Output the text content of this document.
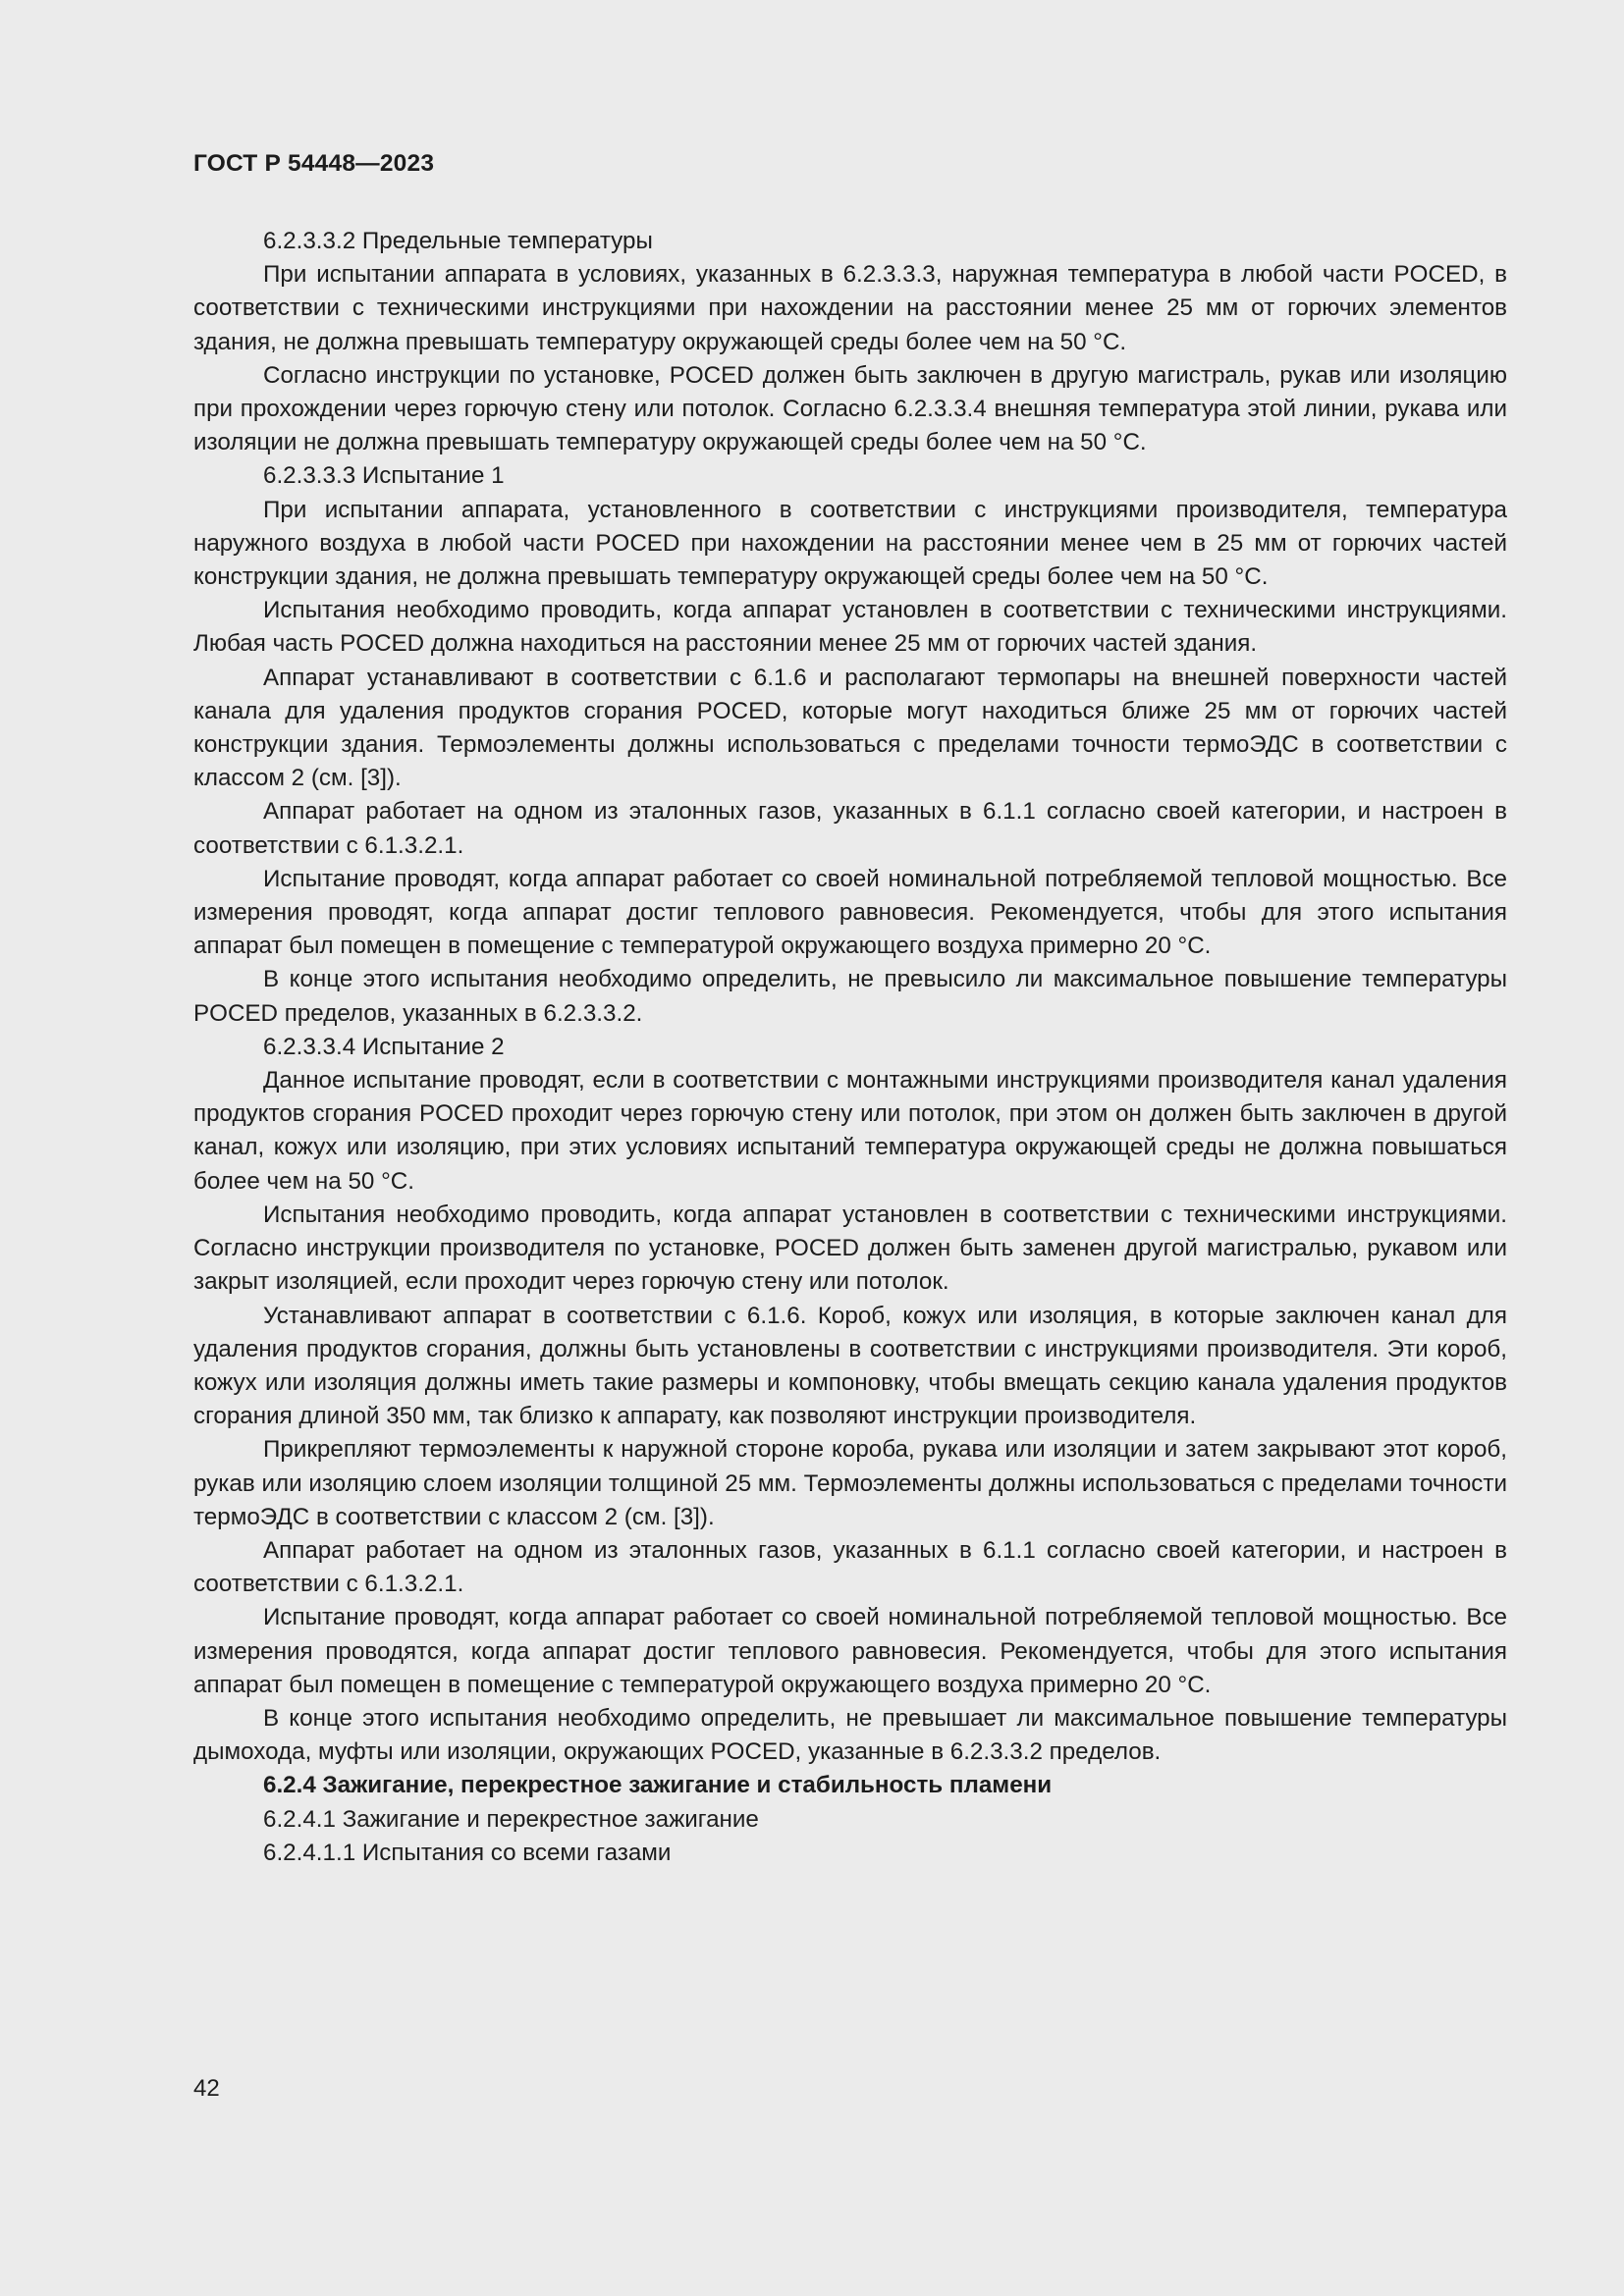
ГОСТ Р 54448—2023

6.2.3.3.2 Предельные температуры

При испытании аппарата в условиях, указанных в 6.2.3.3.3, наружная температура в любой части POCED, в соответствии с техническими инструкциями при нахождении на расстоянии менее 25 мм от горючих элементов здания, не должна превышать температуру окружающей среды более чем на 50 °С.

Согласно инструкции по установке, POCED должен быть заключен в другую магистраль, рукав или изоляцию при прохождении через горючую стену или потолок. Согласно 6.2.3.3.4 внешняя температура этой линии, рукава или изоляции не должна превышать температуру окружающей среды более чем на 50 °С.

6.2.3.3.3 Испытание 1

При испытании аппарата, установленного в соответствии с инструкциями производителя, температура наружного воздуха в любой части POCED при нахождении на расстоянии менее чем в 25 мм от горючих частей конструкции здания, не должна превышать температуру окружающей среды более чем на 50 °С.

Испытания необходимо проводить, когда аппарат установлен в соответствии с техническими инструкциями. Любая часть POCED должна находиться на расстоянии менее 25 мм от горючих частей здания.

Аппарат устанавливают в соответствии с 6.1.6 и располагают термопары на внешней поверхности частей канала для удаления продуктов сгорания POCED, которые могут находиться ближе 25 мм от горючих частей конструкции здания. Термоэлементы должны использоваться с пределами точности термоЭДС в соответствии с классом 2 (см. [3]).

Аппарат работает на одном из эталонных газов, указанных в 6.1.1 согласно своей категории, и настроен в соответствии с 6.1.3.2.1.

Испытание проводят, когда аппарат работает со своей номинальной потребляемой тепловой мощностью. Все измерения проводят, когда аппарат достиг теплового равновесия. Рекомендуется, чтобы для этого испытания аппарат был помещен в помещение с температурой окружающего воздуха примерно 20 °С.

В конце этого испытания необходимо определить, не превысило ли максимальное повышение температуры POCED пределов, указанных в 6.2.3.3.2.

6.2.3.3.4 Испытание 2

Данное испытание проводят, если в соответствии с монтажными инструкциями производителя канал удаления продуктов сгорания POCED проходит через горючую стену или потолок, при этом он должен быть заключен в другой канал, кожух или изоляцию, при этих условиях испытаний температура окружающей среды не должна повышаться более чем на 50 °С.

Испытания необходимо проводить, когда аппарат установлен в соответствии с техническими инструкциями. Согласно инструкции производителя по установке, POCED должен быть заменен другой магистралью, рукавом или закрыт изоляцией, если проходит через горючую стену или потолок.

Устанавливают аппарат в соответствии с 6.1.6. Короб, кожух или изоляция, в которые заключен канал для удаления продуктов сгорания, должны быть установлены в соответствии с инструкциями производителя. Эти короб, кожух или изоляция должны иметь такие размеры и компоновку, чтобы вмещать секцию канала удаления продуктов сгорания длиной 350 мм, так близко к аппарату, как позволяют инструкции производителя.

Прикрепляют термоэлементы к наружной стороне короба, рукава или изоляции и затем закрывают этот короб, рукав или изоляцию слоем изоляции толщиной 25 мм. Термоэлементы должны использоваться с пределами точности термоЭДС в соответствии с классом 2 (см. [3]).

Аппарат работает на одном из эталонных газов, указанных в 6.1.1 согласно своей категории, и настроен в соответствии с 6.1.3.2.1.

Испытание проводят, когда аппарат работает со своей номинальной потребляемой тепловой мощностью. Все измерения проводятся, когда аппарат достиг теплового равновесия. Рекомендуется, чтобы для этого испытания аппарат был помещен в помещение с температурой окружающего воздуха примерно 20 °С.

В конце этого испытания необходимо определить, не превышает ли максимальное повышение температуры дымохода, муфты или изоляции, окружающих POCED, указанные в 6.2.3.3.2 пределов.

6.2.4 Зажигание, перекрестное зажигание и стабильность пламени

6.2.4.1 Зажигание и перекрестное зажигание

6.2.4.1.1 Испытания со всеми газами

42
